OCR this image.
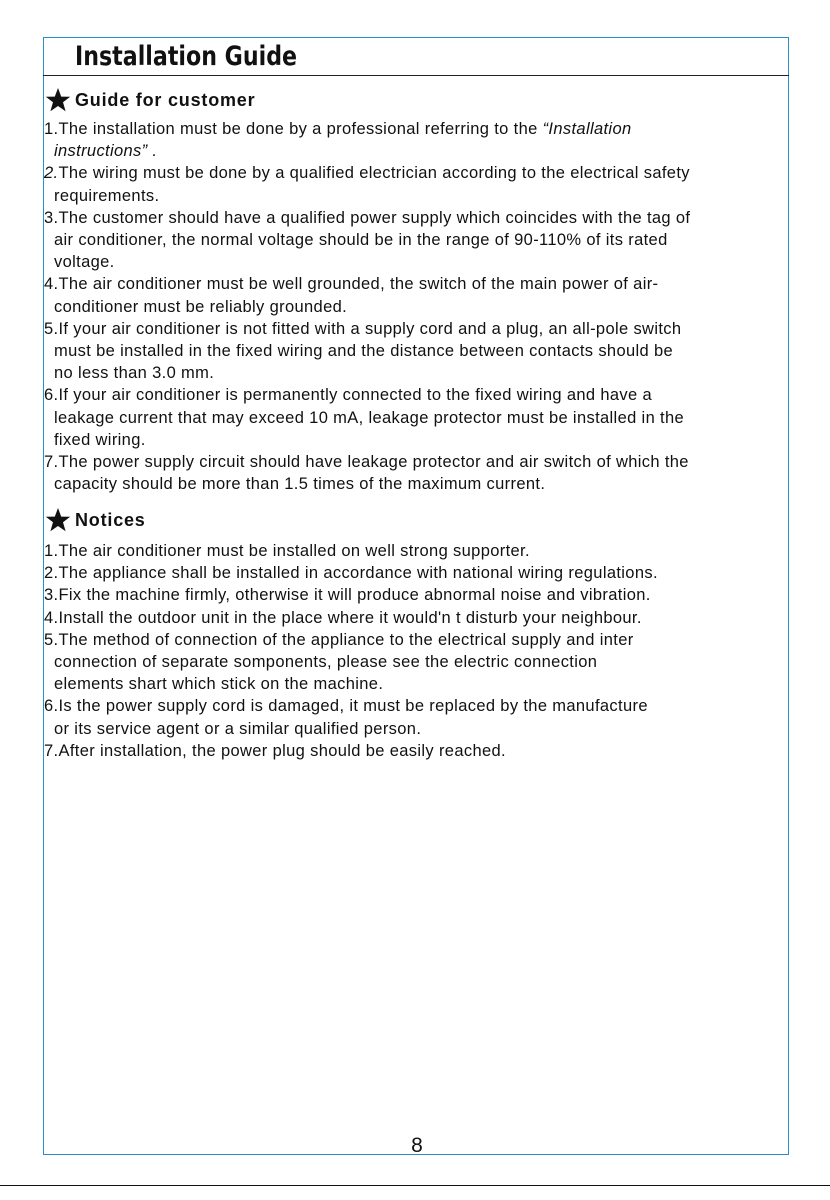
Installation Guide
Guide for customer
1.The installation must be done by a professional referring to the “Installation
instructions” .
2.The wiring must be done by a qualified electrician according to the electrical safety
requirements.
3.The customer should have a qualified power supply which coincides with the tag of
air conditioner, the normal voltage should be in the range of 90-110% of its rated
voltage.
4.The air conditioner must be well grounded, the switch of the main power of air-
conditioner must be reliably grounded.
5.If your air conditioner is not fitted with a supply cord and a plug, an all-pole switch
must be installed in the fixed wiring and the distance between contacts should be
no less than 3.0 mm.
6.If your air conditioner is permanently connected to the fixed wiring and have a
leakage current that may exceed 10 mA, leakage protector must be installed in the
fixed wiring.
7.The power supply circuit should have leakage protector and air switch of which the
capacity should be more than 1.5 times of the maximum current.
Notices
1.The air conditioner must be installed on well strong supporter.
2.The appliance shall be installed in accordance with national wiring regulations.
3.Fix the machine firmly, otherwise it will produce abnormal noise and vibration.
4.Install the outdoor unit in the place where it would'n t disturb your neighbour.
5.The method of connection of the appliance to the electrical supply and inter
connection of separate somponents, please see the electric connection
elements shart which stick on the machine.
6.Is the power supply cord is damaged, it must be replaced by the manufacture
or its service agent or a similar qualified person.
7.After installation, the power plug should be easily reached.
8
